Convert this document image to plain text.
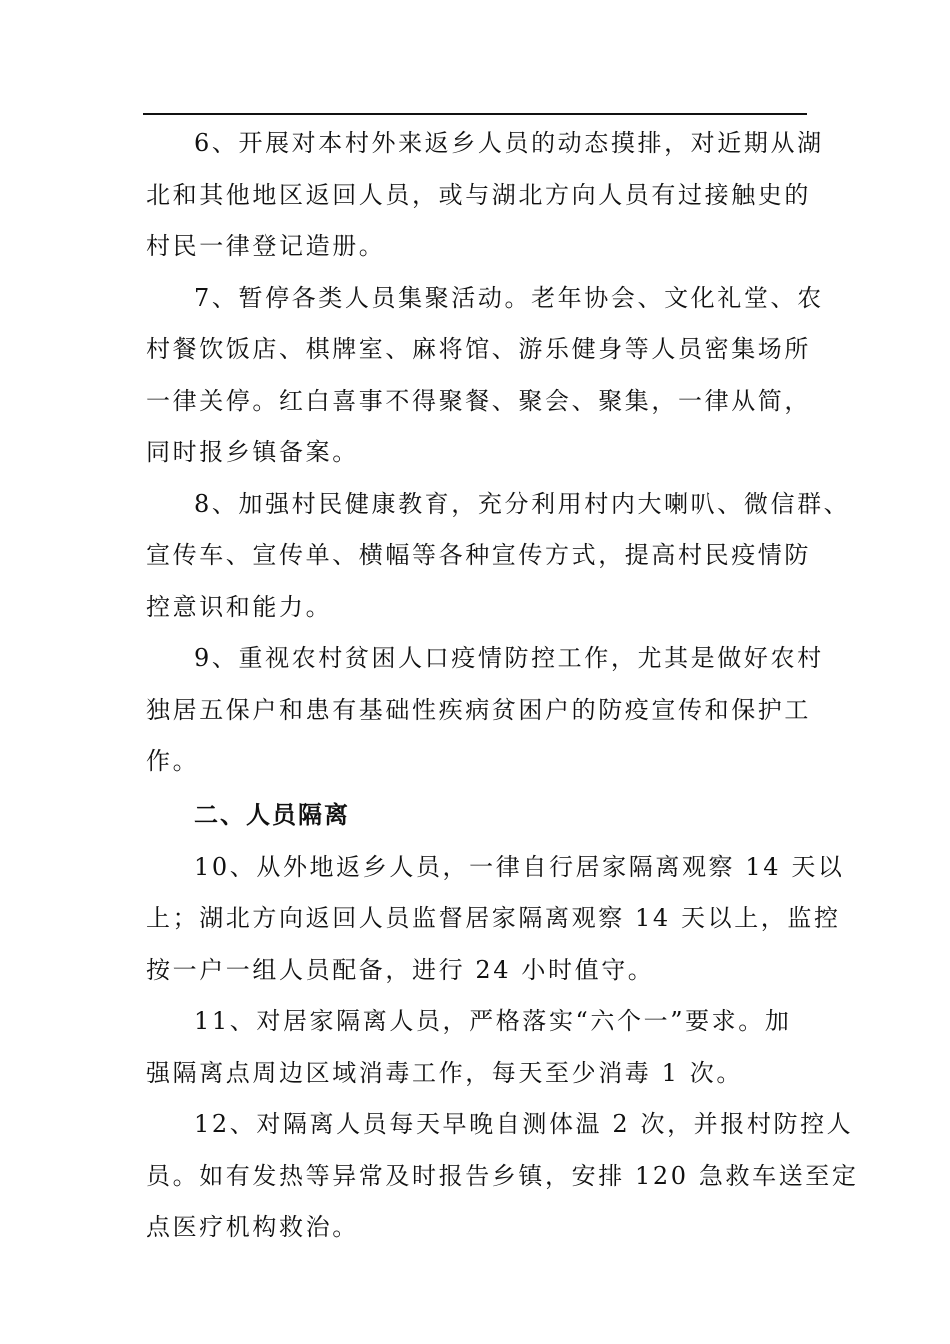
6、开展对本村外来返乡人员的动态摸排，对近期从湖
北和其他地区返回人员，或与湖北方向人员有过接触史的
村民一律登记造册。
7、暂停各类人员集聚活动。老年协会、文化礼堂、农
村餐饮饭店、棋牌室、麻将馆、游乐健身等人员密集场所
一律关停。红白喜事不得聚餐、聚会、聚集，一律从简，
同时报乡镇备案。
8、加强村民健康教育，充分利用村内大喇叭、微信群、
宣传车、宣传单、横幅等各种宣传方式，提高村民疫情防
控意识和能力。
9、重视农村贫困人口疫情防控工作，尤其是做好农村
独居五保户和患有基础性疾病贫困户的防疫宣传和保护工
作。
二、人员隔离
10、从外地返乡人员，一律自行居家隔离观察 14 天以
上；湖北方向返回人员监督居家隔离观察 14 天以上，监控
按一户一组人员配备，进行 24 小时值守。
11、对居家隔离人员，严格落实“六个一”要求。加
强隔离点周边区域消毒工作，每天至少消毒 1 次。
12、对隔离人员每天早晚自测体温 2 次，并报村防控人
员。如有发热等异常及时报告乡镇，安排 120 急救车送至定
点医疗机构救治。
